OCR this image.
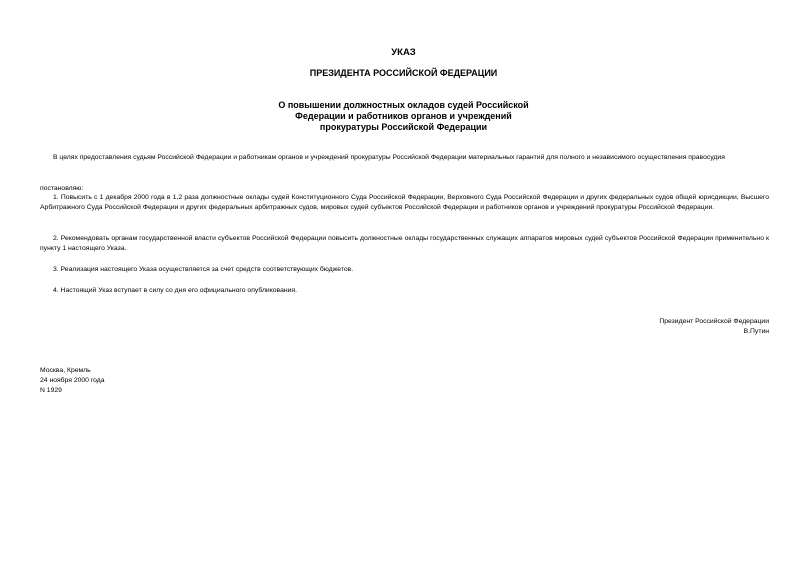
УКАЗ
ПРЕЗИДЕНТА РОССИЙСКОЙ ФЕДЕРАЦИИ
О повышении должностных окладов судей Российской
Федерации и работников органов и учреждений
прокуратуры Российской Федерации
В целях предоставления судьям Российской Федерации и работникам органов и учреждений прокуратуры Российской Федерации материальных гарантий для полного и независимого осуществления правосудия
постановляю:
1. Повысить с 1 декабря 2000 года в 1,2 раза должностные оклады судей Конституционного Суда Российской Федерации, Верховного Суда Российской Федерации и других федеральных судов общей юрисдикции, Высшего Арбитражного Суда Российской Федерации и других федеральных арбитражных судов, мировых судей субъектов Российской Федерации и работников органов и учреждений прокуратуры Российской Федерации.
2. Рекомендовать органам государственной власти субъектов Российской Федерации повысить должностные оклады государственных служащих аппаратов мировых судей субъектов Российской Федерации применительно к пункту 1 настоящего Указа.
3. Реализация настоящего Указа осуществляется за счет средств соответствующих бюджетов.
4. Настоящий Указ вступает в силу со дня его официального опубликования.
Президент Российской Федерации
В.Путин
Москва, Кремль
24 ноября 2000 года
N 1929
